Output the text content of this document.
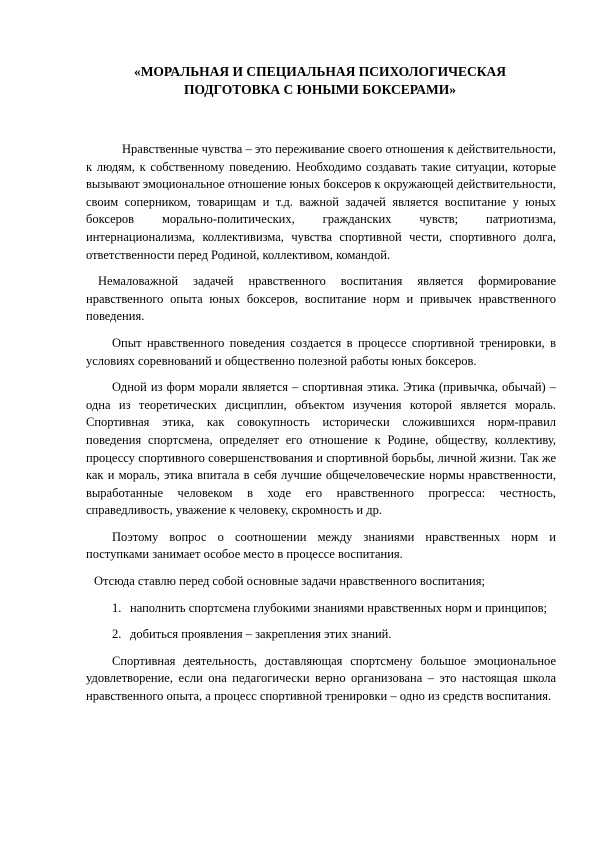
«МОРАЛЬНАЯ И СПЕЦИАЛЬНАЯ ПСИХОЛОГИЧЕСКАЯ
ПОДГОТОВКА С ЮНЫМИ БОКСЕРАМИ»

Нравственные чувства – это переживание своего отношения к действительности, к людям, к собственному поведению. Необходимо создавать такие ситуации, которые вызывают эмоциональное отношение юных боксеров к окружающей действительности, своим соперником, товарищам и т.д. важной задачей является воспитание у юных боксеров морально-политических, гражданских чувств; патриотизма, интернационализма, коллективизма, чувства спортивной чести, спортивного долга, ответственности перед Родиной, коллективом, командой.

Немаловажной задачей нравственного воспитания является формирование нравственного опыта юных боксеров, воспитание норм и привычек нравственного поведения.

Опыт нравственного поведения создается в процессе спортивной тренировки, в условиях соревнований и общественно полезной работы юных боксеров.

Одной из форм морали является – спортивная этика. Этика (привычка, обычай) – одна из теоретических дисциплин, объектом изучения которой является мораль. Спортивная этика, как совокупность исторически сложившихся норм-правил поведения спортсмена, определяет его отношение к Родине, обществу, коллективу, процессу спортивного совершенствования и спортивной борьбы, личной жизни. Так же как и мораль, этика впитала в себя лучшие общечеловеческие нормы нравственности, выработанные человеком в ходе его нравственного прогресса: честность, справедливость, уважение к человеку, скромность и др.

Поэтому вопрос о соотношении между знаниями нравственных норм и поступками занимает особое место в процессе воспитания.

Отсюда ставлю перед собой основные задачи нравственного воспитания;

1. наполнить спортсмена глубокими знаниями нравственных норм и принципов;
2. добиться проявления – закрепления этих знаний.

Спортивная деятельность, доставляющая спортсмену большое эмоциональное удовлетворение, если она педагогически верно организована – это настоящая школа нравственного опыта, а процесс спортивной тренировки – одно из средств воспитания.
